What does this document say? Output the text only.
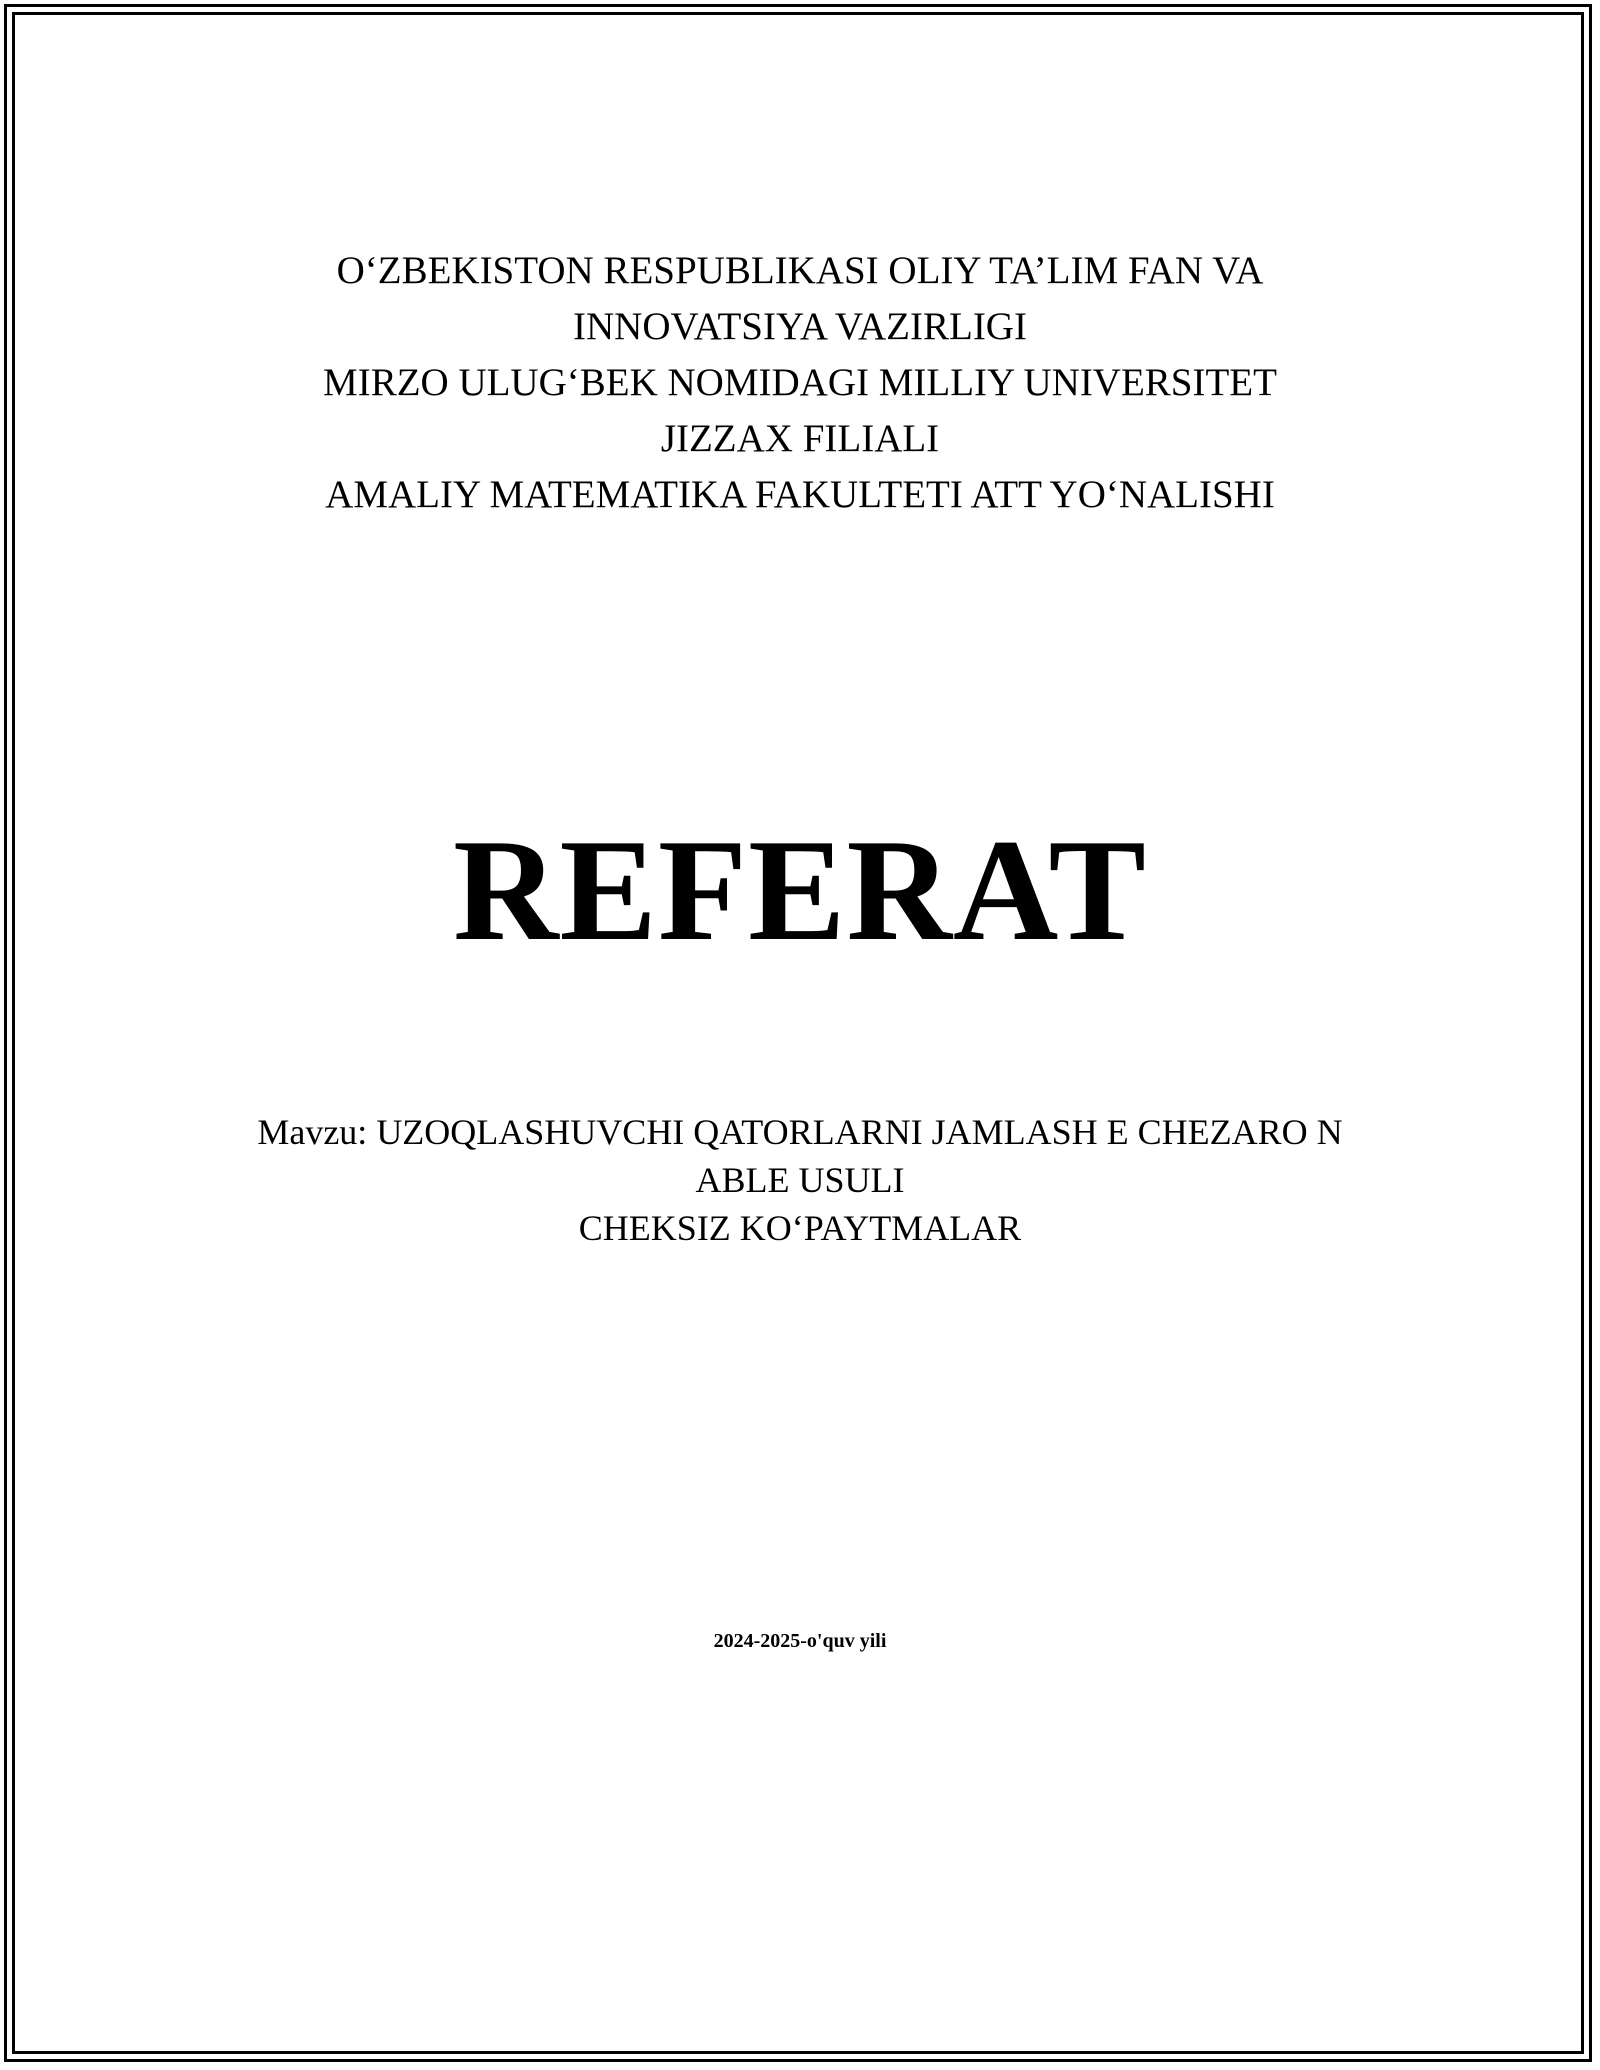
O‘ZBEKISTON RESPUBLIKASI OLIY TA’LIM FAN VA
INNOVATSIYA VAZIRLIGI
MIRZO ULUG‘BEK NOMIDAGI MILLIY UNIVERSITET
JIZZAX FILIALI
AMALIY MATEMATIKA FAKULTETI ATT YO‘NALISHI
REFERAT
Mavzu: UZOQLASHUVCHI QATORLARNI JAMLASH E CHEZARO N
ABLE USULI
CHEKSIZ KO‘PAYTMALAR
2024-2025-o'quv yili
